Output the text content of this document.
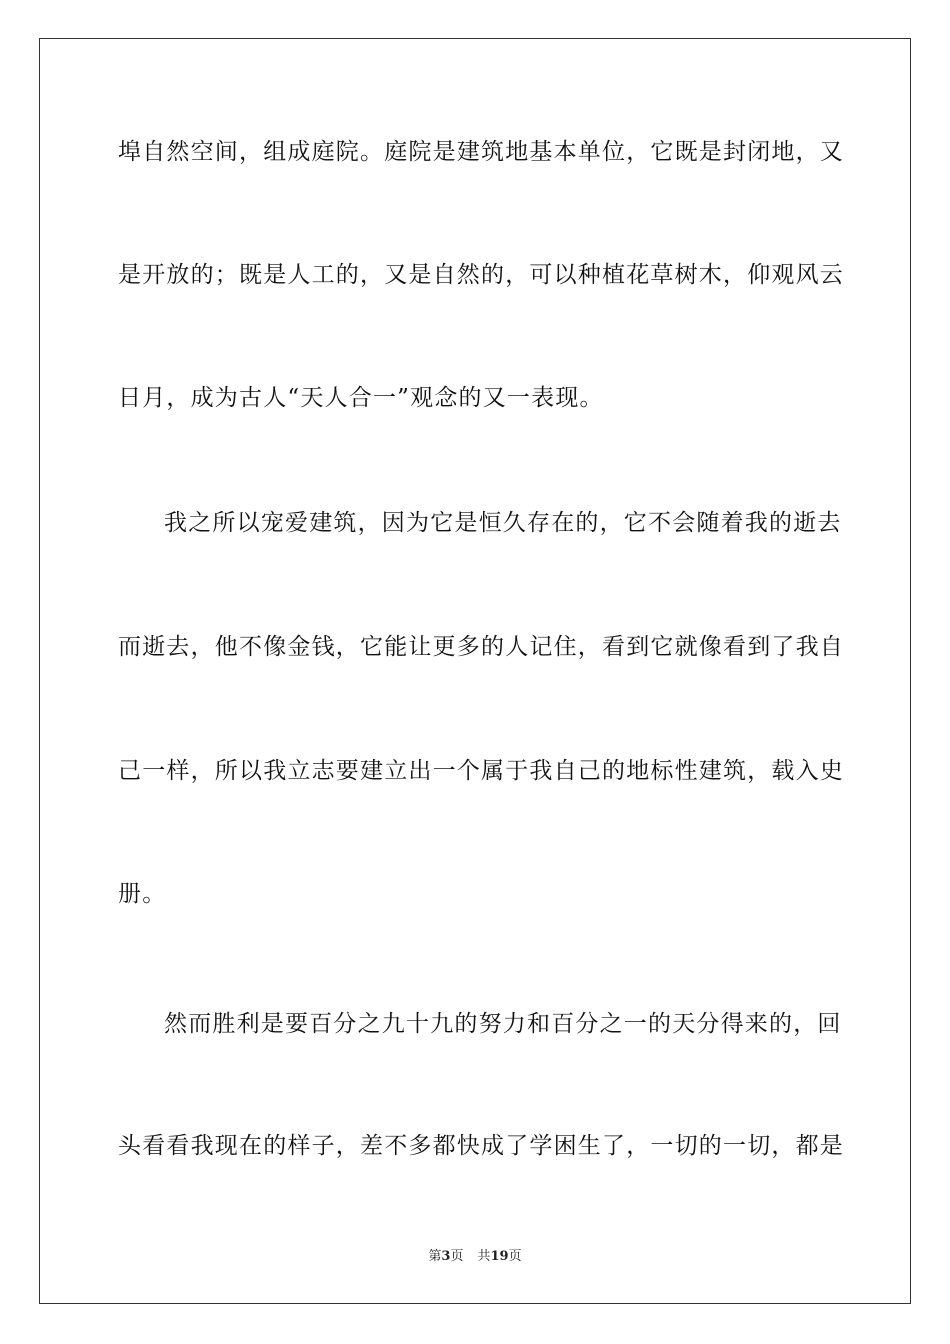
埠自然空间，组成庭院。庭院是建筑地基本单位，它既是封闭地，又
是开放的；既是人工的，又是自然的，可以种植花草树木，仰观风云
日月，成为古人“天人合一”观念的又一表现。
我之所以宠爱建筑，因为它是恒久存在的，它不会随着我的逝去
而逝去，他不像金钱，它能让更多的人记住，看到它就像看到了我自
己一样，所以我立志要建立出一个属于我自己的地标性建筑，载入史
册。
然而胜利是要百分之九十九的努力和百分之一的天分得来的，回
头看看我现在的样子，差不多都快成了学困生了，一切的一切，都是
第3页 共19页
